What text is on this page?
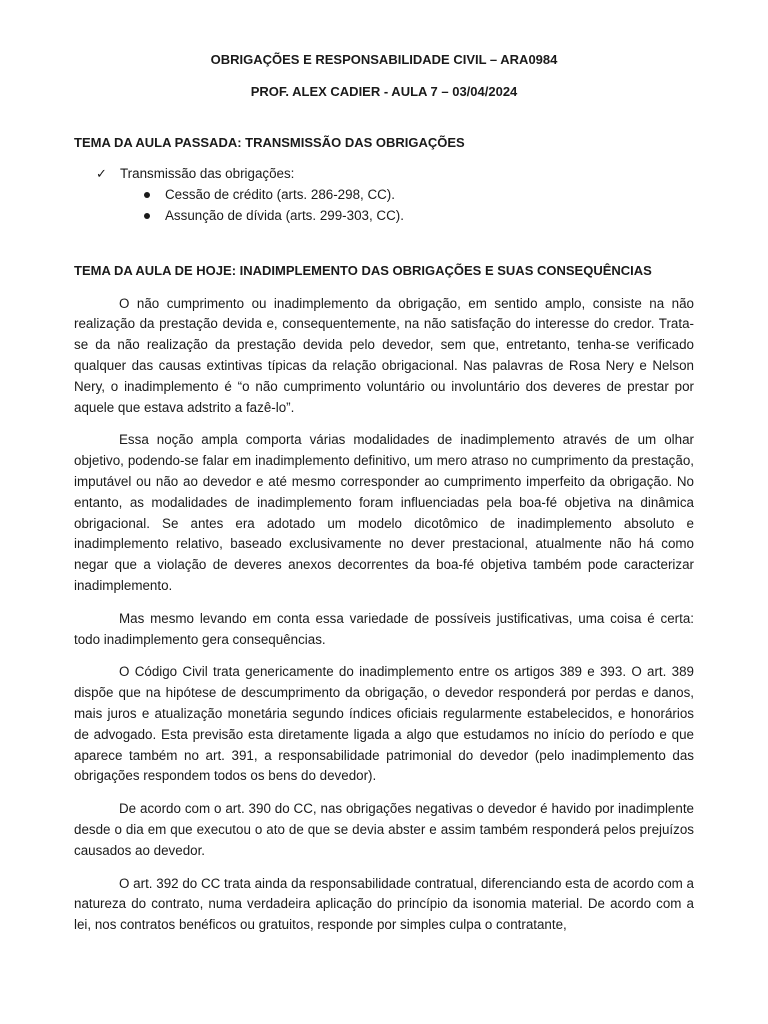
OBRIGAÇÕES E RESPONSABILIDADE CIVIL – ARA0984

PROF. ALEX CADIER - AULA 7 – 03/04/2024

TEMA DA AULA PASSADA: TRANSMISSÃO DAS OBRIGAÇÕES

✓ Transmissão das obrigações:
Cessão de crédito (arts. 286-298, CC).
Assunção de dívida (arts. 299-303, CC).

TEMA DA AULA DE HOJE: INADIMPLEMENTO DAS OBRIGAÇÕES E SUAS CONSEQUÊNCIAS

O não cumprimento ou inadimplemento da obrigação, em sentido amplo, consiste na não realização da prestação devida e, consequentemente, na não satisfação do interesse do credor. Trata-se da não realização da prestação devida pelo devedor, sem que, entretanto, tenha-se verificado qualquer das causas extintivas típicas da relação obrigacional. Nas palavras de Rosa Nery e Nelson Nery, o inadimplemento é “o não cumprimento voluntário ou involuntário dos deveres de prestar por aquele que estava adstrito a fazê-lo”.

Essa noção ampla comporta várias modalidades de inadimplemento através de um olhar objetivo, podendo-se falar em inadimplemento definitivo, um mero atraso no cumprimento da prestação, imputável ou não ao devedor e até mesmo corresponder ao cumprimento imperfeito da obrigação. No entanto, as modalidades de inadimplemento foram influenciadas pela boa-fé objetiva na dinâmica obrigacional. Se antes era adotado um modelo dicotômico de inadimplemento absoluto e inadimplemento relativo, baseado exclusivamente no dever prestacional, atualmente não há como negar que a violação de deveres anexos decorrentes da boa-fé objetiva também pode caracterizar inadimplemento.

Mas mesmo levando em conta essa variedade de possíveis justificativas, uma coisa é certa: todo inadimplemento gera consequências.

O Código Civil trata genericamente do inadimplemento entre os artigos 389 e 393. O art. 389 dispõe que na hipótese de descumprimento da obrigação, o devedor responderá por perdas e danos, mais juros e atualização monetária segundo índices oficiais regularmente estabelecidos, e honorários de advogado. Esta previsão esta diretamente ligada a algo que estudamos no início do período e que aparece também no art. 391, a responsabilidade patrimonial do devedor (pelo inadimplemento das obrigações respondem todos os bens do devedor).

De acordo com o art. 390 do CC, nas obrigações negativas o devedor é havido por inadimplente desde o dia em que executou o ato de que se devia abster e assim também responderá pelos prejuízos causados ao devedor.

O art. 392 do CC trata ainda da responsabilidade contratual, diferenciando esta de acordo com a natureza do contrato, numa verdadeira aplicação do princípio da isonomia material. De acordo com a lei, nos contratos benéficos ou gratuitos, responde por simples culpa o contratante,
